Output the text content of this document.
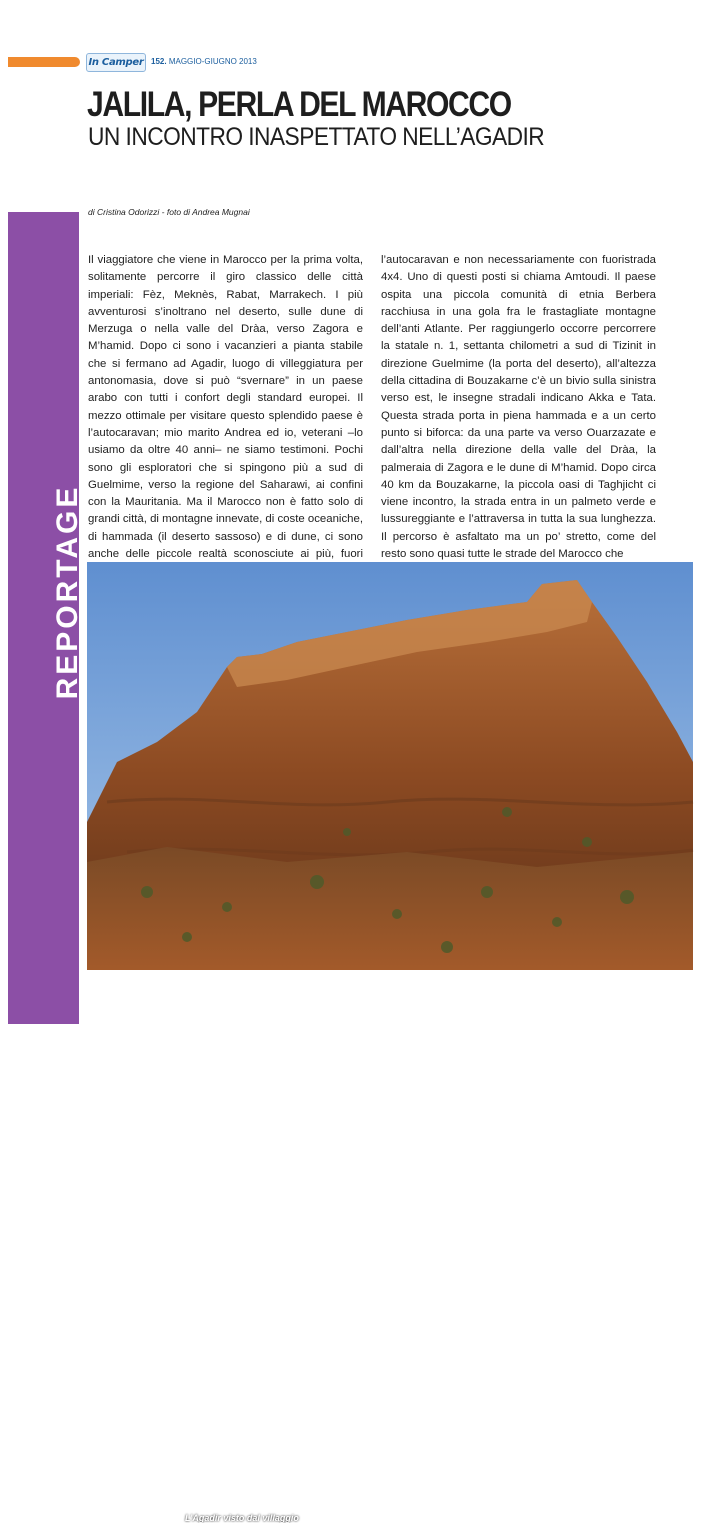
In Camper 152. MAGGIO-GIUGNO 2013
JALILA, PERLA DEL MAROCCO
UN INCONTRO INASPETTATO NELL’AGADIR
di Cristina Odorizzi - foto di Andrea Mugnai
REPORTAGE
22

Il viaggiatore che viene in Marocco per la prima volta, solitamente percorre il giro classico delle città imperiali: Fèz, Meknès, Rabat, Marrakech. I più avventurosi s’inoltrano nel deserto, sulle dune di Merzuga o nella valle del Dràa, verso Zagora e M’hamid. Dopo ci sono i vacanzieri a pianta stabile che si fermano ad Agadir, luogo di villeggiatura per antonomasia, dove si può “svernare” in un paese arabo con tutti i confort degli standard europei. Il mezzo ottimale per visitare questo splendido paese è l’autocaravan; mio marito Andrea ed io, veterani –lo usiamo da oltre 40 anni– ne siamo testimoni. Pochi sono gli esploratori che si spingono più a sud di Guelmime, verso la regione del Saharawi, ai confini con la Mauritania. Ma il Marocco non è fatto solo di grandi città, di montagne innevate, di coste oceaniche, di hammada (il deserto sassoso) e di dune, ci sono anche delle piccole realtà sconosciute ai più, fuori

l’autocaravan e non necessariamente con fuoristrada 4x4. Uno di questi posti si chiama Amtoudi. Il paese ospita una piccola comunità di etnia Berbera racchiusa in una gola fra le frastagliate montagne dell’anti Atlante. Per raggiungerlo occorre percorrere la statale n. 1, settanta chilometri a sud di Tizinit in direzione Guelmime (la porta del deserto), all’altezza della cittadina di Bouzakarne c’è un bivio sulla sinistra verso est, le insegne stradali indicano Akka e Tata. Questa strada porta in piena hammada e a un certo punto si biforca: da una parte va verso Ouarzazate e dall’altra nella direzione della valle del Dràa, la palmeraia di Zagora e le dune di M’hamid. Dopo circa 40 km da Bouzakarne, la piccola oasi di Taghjicht ci viene incontro, la strada entra in un palmeto verde e lussureggiante e l’attraversa in tutta la sua lunghezza. Il percorso è asfaltato ma un po’ stretto, come del resto sono quasi tutte le strade del Marocco che

L’Agadir visto dal villaggio
